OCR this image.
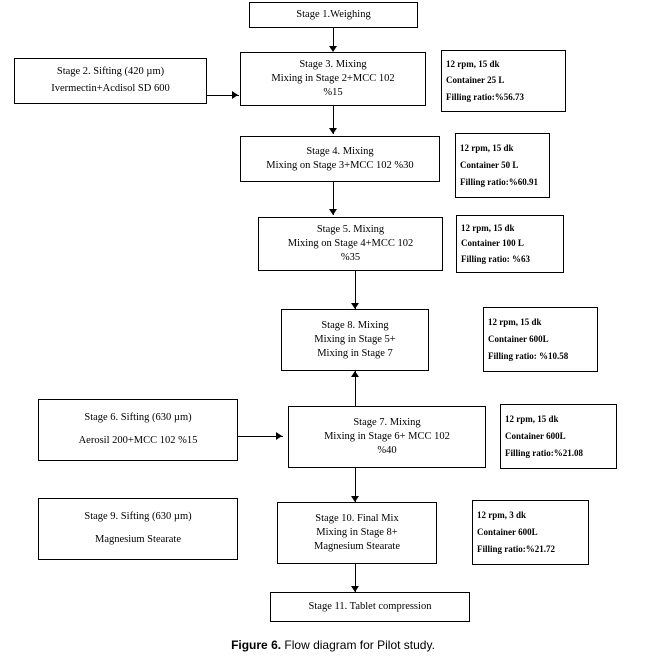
Stage 1.Weighing
Stage 2. Sifting (420 µm)
Ivermectin+Acdisol SD 600
Stage 3. Mixing
Mixing in Stage 2+MCC 102
%15
12 rpm, 15 dk
Container 25 L
Filling ratio:%56.73
Stage 4. Mixing
Mixing on Stage 3+MCC 102 %30
12 rpm, 15 dk
Container 50 L
Filling ratio:%60.91
Stage 5. Mixing
Mixing on Stage 4+MCC 102
%35
12 rpm, 15 dk
Container 100 L
Filling ratio: %63
Stage 8. Mixing
Mixing in Stage 5+
Mixing in Stage 7
12 rpm, 15 dk
Container 600L
Filling ratio: %10.58
Stage 6. Sifting (630 µm)
Aerosil 200+MCC 102 %15
Stage 7. Mixing
Mixing in Stage 6+ MCC 102
%40
12 rpm, 15 dk
Container 600L
Filling ratio:%21.08
Stage 9. Sifting (630 µm)
Magnesium Stearate
Stage 10. Final Mix
Mixing in Stage 8+
Magnesium Stearate
12 rpm, 3 dk
Container 600L
Filling ratio:%21.72
Stage 11. Tablet compression
Figure 6. Flow diagram for Pilot study.
